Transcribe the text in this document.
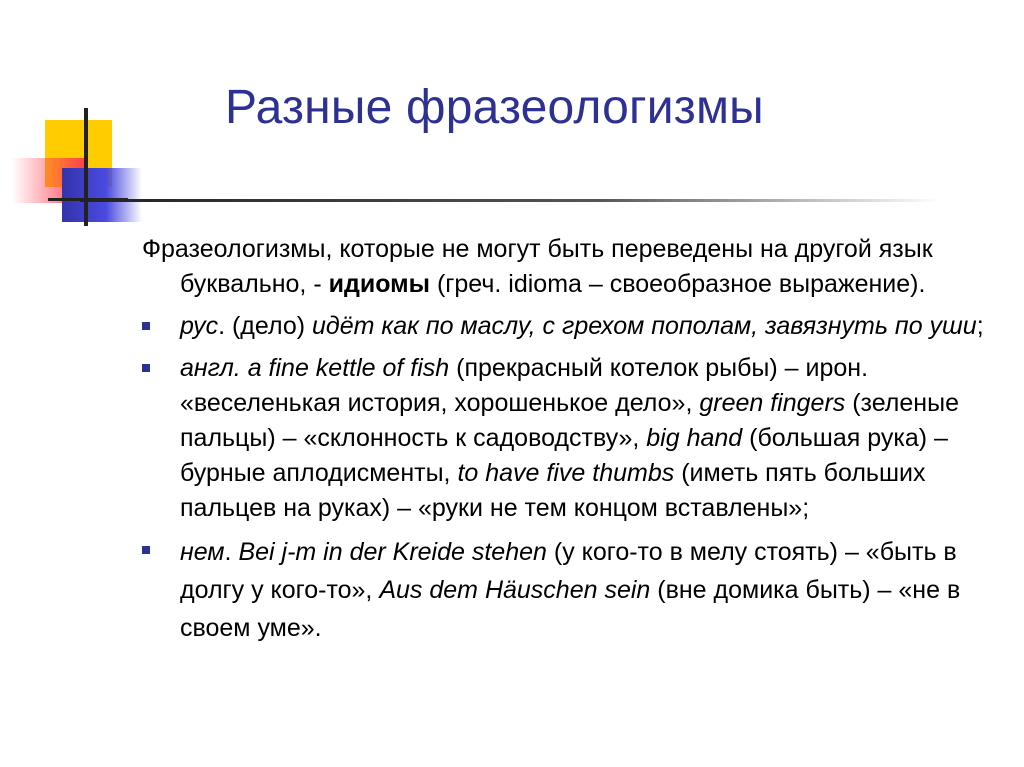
Разные фразеологизмы

Фразеологизмы, которые не могут быть переведены на другой язык буквально, - идиомы (греч. idioma – своеобразное выражение).

рус. (дело) идёт как по маслу, с грехом пополам, завязнуть по уши;
англ. a fine kettle of fish (прекрасный котелок рыбы) – ирон. «веселенькая история, хорошенькое дело», green fingers (зеленые пальцы) – «склонность к садоводству», big hand (большая рука) – бурные аплодисменты, to have five thumbs (иметь пять больших пальцев на руках) – «руки не тем концом вставлены»;
нем. Bei j-m in der Kreide stehen (у кого-то в мелу стоять) – «быть в долгу у кого-то», Aus dem Häuschen sein (вне домика быть) – «не в своем уме».
